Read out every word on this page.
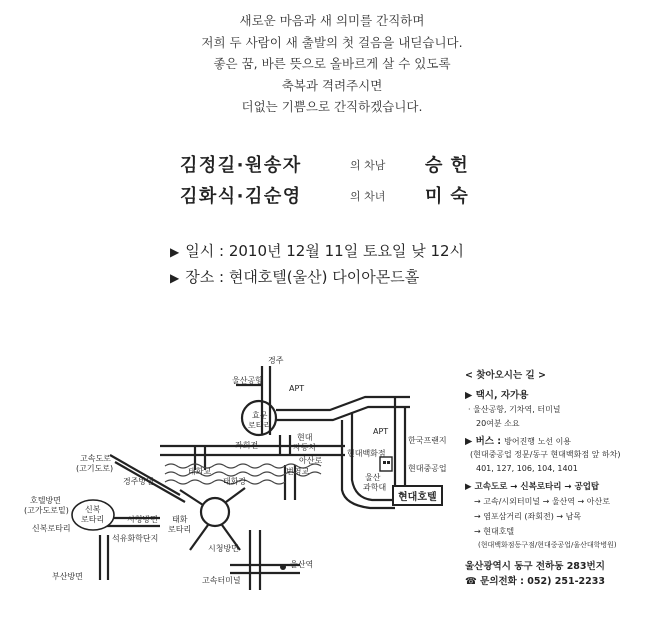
새로운 마음과 새 의미를 간직하며
저희 두 사람이 새 출발의 첫 걸음을 내딛습니다.
좋은 꿈, 바른 뜻으로 올바르게 살 수 있도록
축복과 격려주시면
더없는 기쁨으로 간직하겠습니다.
김정길·원송자	의 차남 승헌
김화식·김순영	의 차녀 미숙
▶ 일시 : 2010년 12월 11일 토요일 낮 12시
▶ 장소 : 현대호텔(울산) 다이아몬드홀
경주
울산공항
APT
효문
로타리
현대
자동차
좌회전
현대백화점
APT
한국프랜지
현대중공업
울산
과학대
현대호텔
고속도로
(고기도로)
경주방면
태화교
태화강
아산로
번영교
호텔방면
(고가도로밑) 신복
로타리
신복로타리
시청방면 태화
로타리
석유화학단지
시청방면
부산방면	고속터미널
울산역
< 찾아오시는 길 >
▶ 택시, 자가용
· 울산공항, 기차역, 터미널
20여분 소요
▶ 버스 : 방어진행 노선 이용
(현대중공업 정문/동구 현대백화점 앞 하차)
401, 127, 106, 104, 1401
▶ 고속도로 → 신복로타리 → 공업탑
→ 고속/시외터미널 → 울산역 → 아산로
→ 염포삼거리 (좌회전) → 남목
→ 현대호텔
(현대백화점동구점/현대중공업/울산대학병원)
울산광역시 동구 전하동 283번지
☎ 문의전화 : 052) 251-2233
